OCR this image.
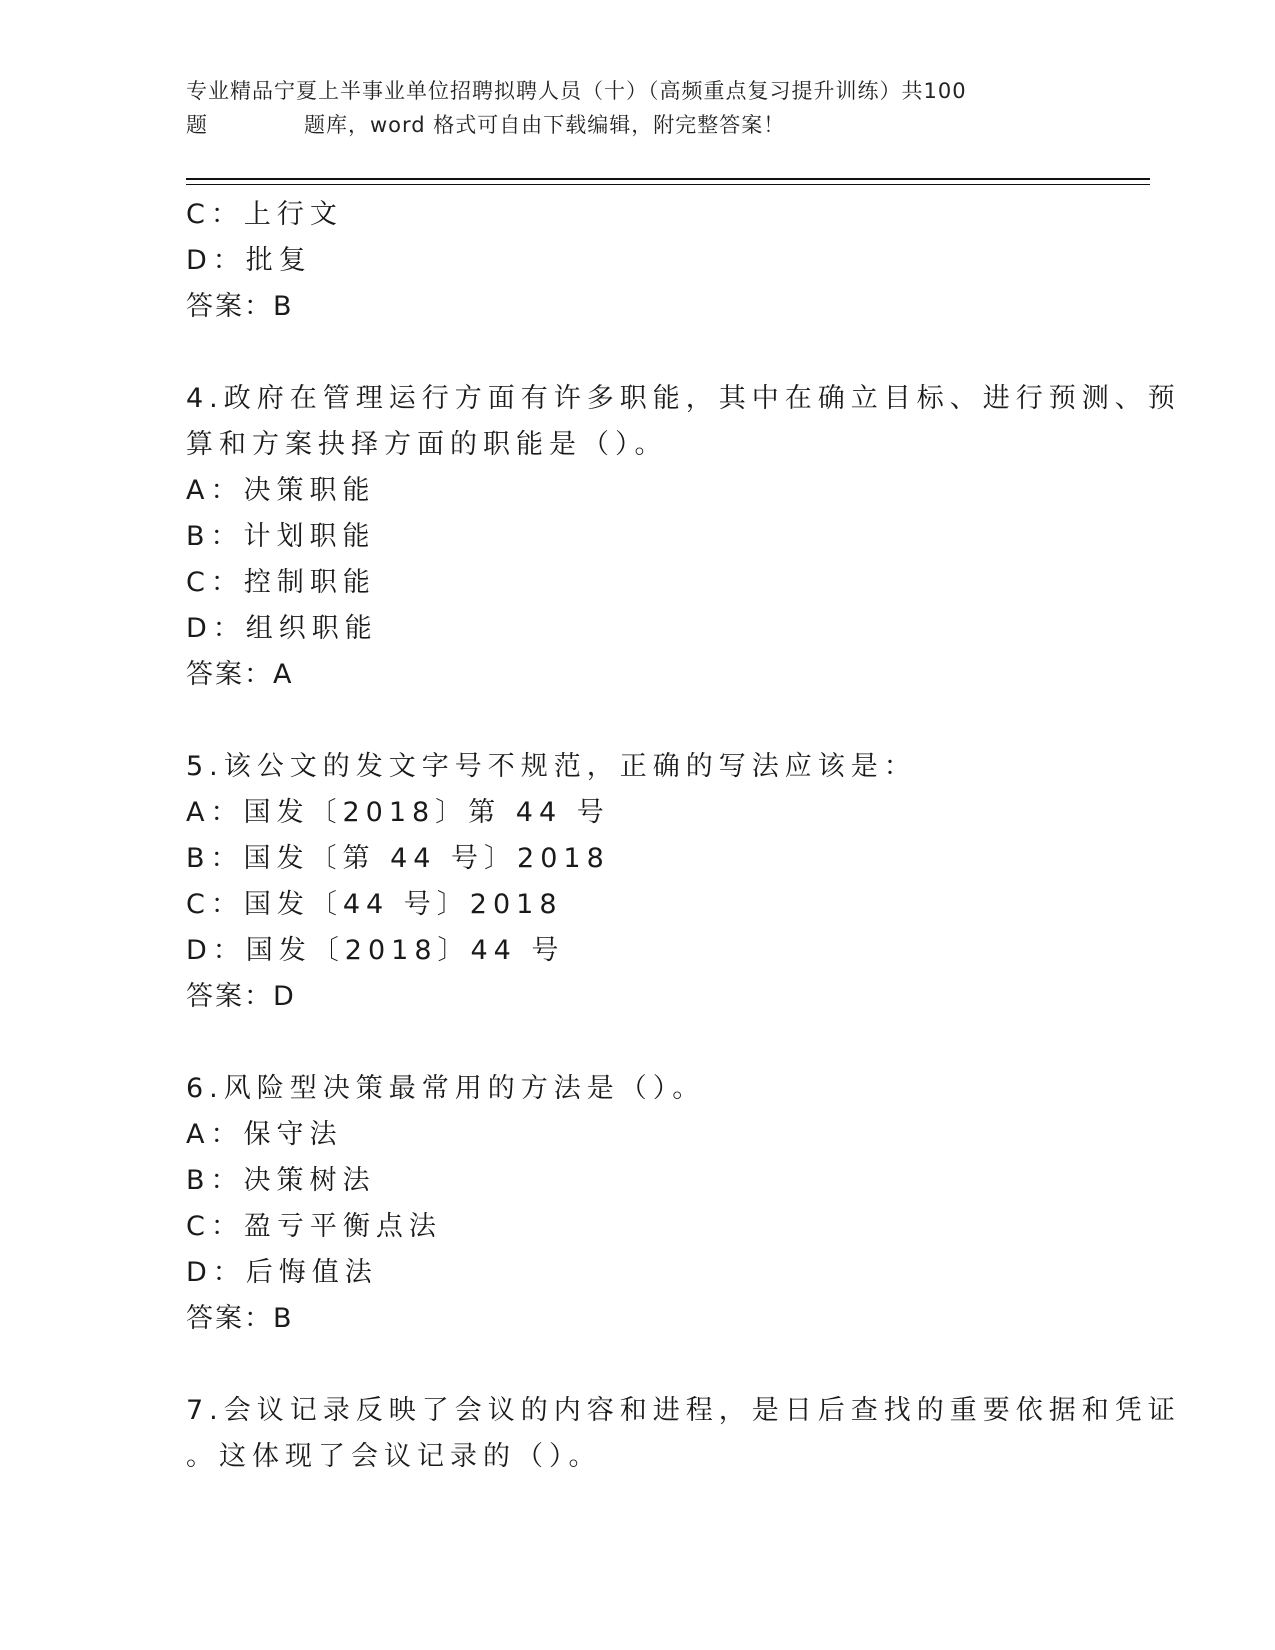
专业精品宁夏上半事业单位招聘拟聘人员（十）（高频重点复习提升训练）共100
题	题库，word 格式可自由下载编辑，附完整答案！
C：上行文
D：批复
答案：B
4.政府在管理运行方面有许多职能，其中在确立目标、进行预测、预
算和方案抉择方面的职能是（）。
A：决策职能
B：计划职能
C：控制职能
D：组织职能
答案：A
5.该公文的发文字号不规范，正确的写法应该是：
A：国发〔2018〕第 44 号
B：国发〔第 44 号〕2018
C：国发〔44 号〕2018
D：国发〔2018〕44 号
答案：D
6.风险型决策最常用的方法是（）。
A：保守法
B：决策树法
C：盈亏平衡点法
D：后悔值法
答案：B
7.会议记录反映了会议的内容和进程，是日后查找的重要依据和凭证
。这体现了会议记录的（）。
